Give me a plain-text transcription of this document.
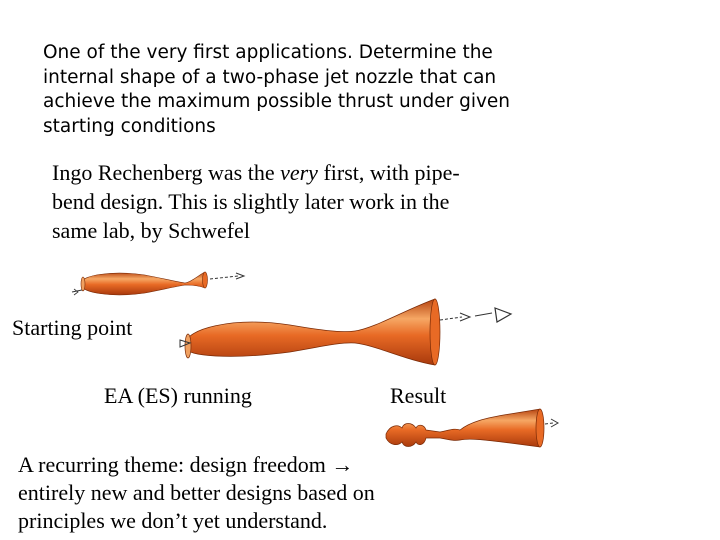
One of the very first applications. Determine the
internal shape of a two-phase jet nozzle that can
achieve the maximum possible thrust under given
starting conditions
Ingo Rechenberg was the very first, with pipe-
bend design. This is slightly later work in the
same lab, by Schwefel
Starting point
EA (ES) running	Result
A recurring theme: design freedom →
entirely new and better designs based on
principles we don’t yet understand.
